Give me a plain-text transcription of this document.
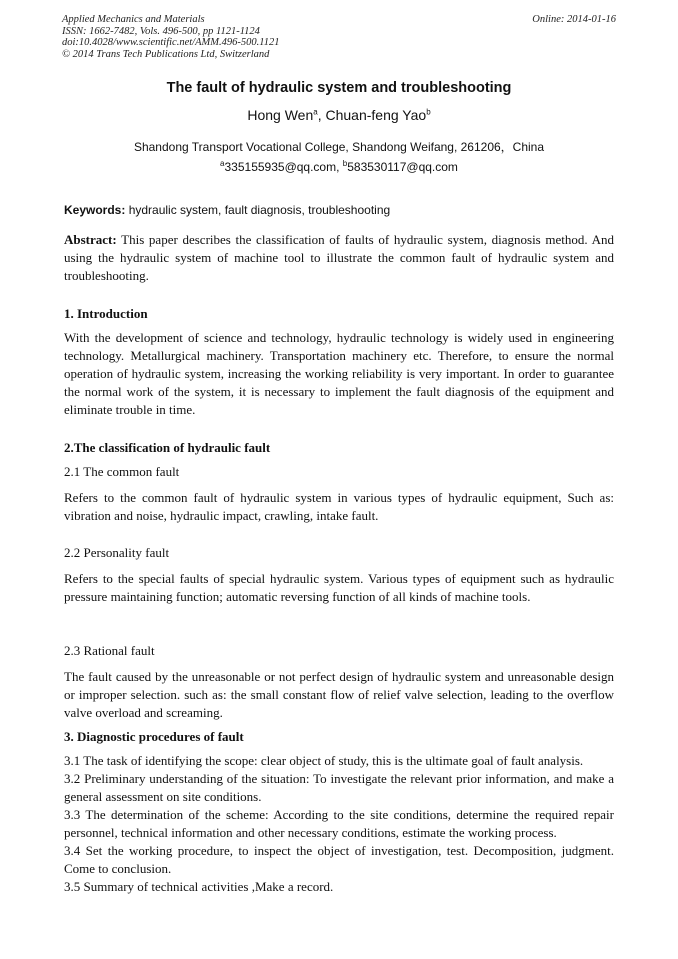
Applied Mechanics and Materials
ISSN: 1662-7482, Vols. 496-500, pp 1121-1124
doi:10.4028/www.scientific.net/AMM.496-500.1121
© 2014 Trans Tech Publications Ltd, Switzerland
Online: 2014-01-16
The fault of hydraulic system and troubleshooting
Hong Wen$^a$, Chuan-feng Yao$^b$
Shandong Transport Vocational College, Shandong Weifang, 261206，China
$^a$335155935@qq.com, $^b$583530117@qq.com
Keywords: hydraulic system, fault diagnosis, troubleshooting
Abstract: This paper describes the classification of faults of hydraulic system, diagnosis method. And using the hydraulic system of machine tool to illustrate the common fault of hydraulic system and troubleshooting.
1. Introduction
With the development of science and technology, hydraulic technology is widely used in engineering technology. Metallurgical machinery. Transportation machinery etc. Therefore, to ensure the normal operation of hydraulic system, increasing the working reliability is very important. In order to guarantee the normal work of the system, it is necessary to implement the fault diagnosis of the equipment and eliminate trouble in time.
2.The classification of hydraulic fault
2.1 The common fault
Refers to the common fault of hydraulic system in various types of hydraulic equipment, Such as: vibration and noise, hydraulic impact, crawling, intake fault.
2.2 Personality fault
Refers to the special faults of special hydraulic system. Various types of equipment such as hydraulic pressure maintaining function; automatic reversing function of all kinds of machine tools.
2.3 Rational fault
The fault caused by the unreasonable or not perfect design of hydraulic system and unreasonable design or improper selection. such as: the small constant flow of relief valve selection, leading to the overflow valve overload and screaming.
3. Diagnostic procedures of fault

3.1 The task of identifying the scope: clear object of study, this is the ultimate goal of fault analysis.

3.2 Preliminary understanding of the situation: To investigate the relevant prior information, and make a general assessment on site conditions.

3.3 The determination of the scheme: According to the site conditions, determine the required repair personnel, technical information and other necessary conditions, estimate the working process.

3.4 Set the working procedure, to inspect the object of investigation, test. Decomposition, judgment. Come to conclusion.

3.5 Summary of technical activities ,Make a record.
